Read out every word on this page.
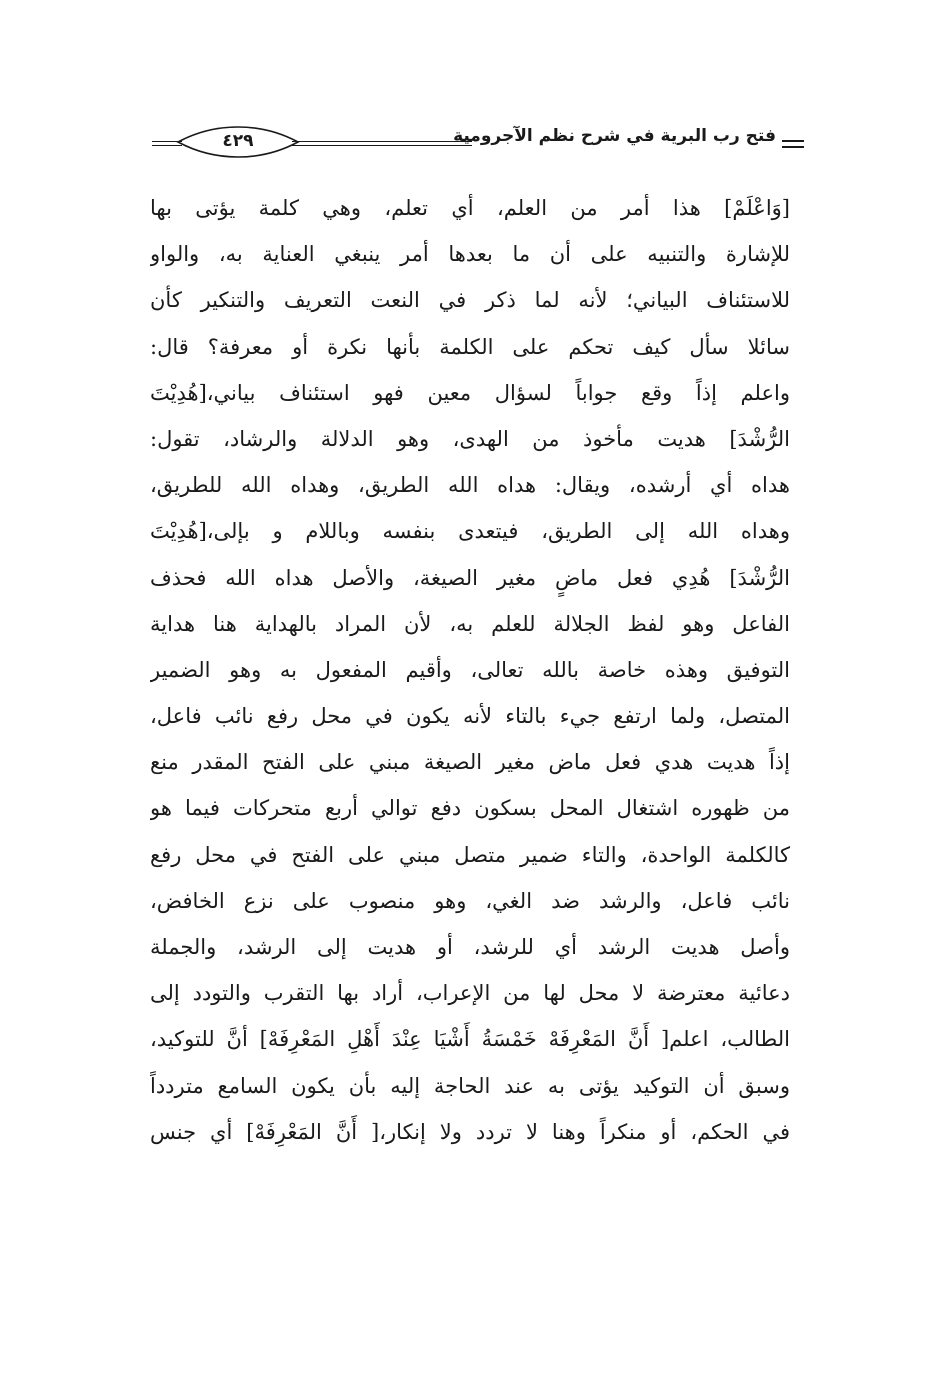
فتح رب البرية في شرح نظم الآجرومية
٤٢٩
[وَاعْلَمْ] هذا أمر من العلم، أي تعلم، وهي كلمة يؤتى بها
للإشارة والتنبيه على أن ما بعدها أمر ينبغي العناية به، والواو
للاستئناف البياني؛ لأنه لما ذكر في النعت التعريف والتنكير كأن
سائلا سأل كيف تحكم على الكلمة بأنها نكرة أو معرفة؟ قال:
واعلم إذاً وقع جواباً لسؤال معين فهو استئناف بياني،[هُدِيْتَ
الرُّشْدَ] هديت مأخوذ من الهدى، وهو الدلالة والرشاد، تقول:
هداه أي أرشده، ويقال: هداه الله الطريق، وهداه الله للطريق،
وهداه الله إلى الطريق، فيتعدى بنفسه وباللام و بإلى،[هُدِيْتَ
الرُّشْدَ] هُدِي فعل ماضٍ مغير الصيغة، والأصل هداه الله فحذف
الفاعل وهو لفظ الجلالة للعلم به، لأن المراد بالهداية هنا هداية
التوفيق وهذه خاصة بالله تعالى، وأقيم المفعول به وهو الضمير
المتصل، ولما ارتفع جيء بالتاء لأنه يكون في محل رفع نائب فاعل،
إذاً هديت هدي فعل ماض مغير الصيغة مبني على الفتح المقدر منع
من ظهوره اشتغال المحل بسكون دفع توالي أربع متحركات فيما هو
كالكلمة الواحدة، والتاء ضمير متصل مبني على الفتح في محل رفع
نائب فاعل، والرشد ضد الغي، وهو منصوب على نزع الخافض،
وأصل هديت الرشد أي للرشد، أو هديت إلى الرشد، والجملة
دعائية معترضة لا محل لها من الإعراب، أراد بها التقرب والتودد إلى
الطالب، اعلم[ أَنَّ المَعْرِفَهْ خَمْسَةُ أَشْيَا عِنْدَ أَهْلِ المَعْرِفَهْ] أنَّ للتوكيد،
وسبق أن التوكيد يؤتى به عند الحاجة إليه بأن يكون السامع متردداً
في الحكم، أو منكراً وهنا لا تردد ولا إنكار،[ أَنَّ المَعْرِفَهْ] أي جنس
